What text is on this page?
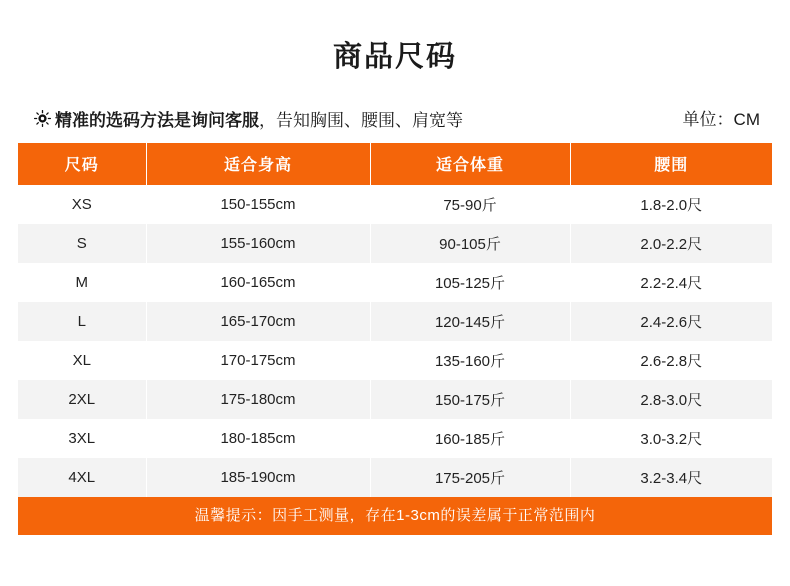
商品尺码
精准的选码方法是询问客服，告知胸围、腰围、肩宽等	单位：CM
尺码	适合身高	适合体重	腰围
XS	150-155cm	75-90斤	1.8-2.0尺
S	155-160cm	90-105斤	2.0-2.2尺
M	160-165cm	105-125斤	2.2-2.4尺
L	165-170cm	120-145斤	2.4-2.6尺
XL	170-175cm	135-160斤	2.6-2.8尺
2XL	175-180cm	150-175斤	2.8-3.0尺
3XL	180-185cm	160-185斤	3.0-3.2尺
4XL	185-190cm	175-205斤	3.2-3.4尺
温馨提示：因手工测量，存在1-3cm的误差属于正常范围内
